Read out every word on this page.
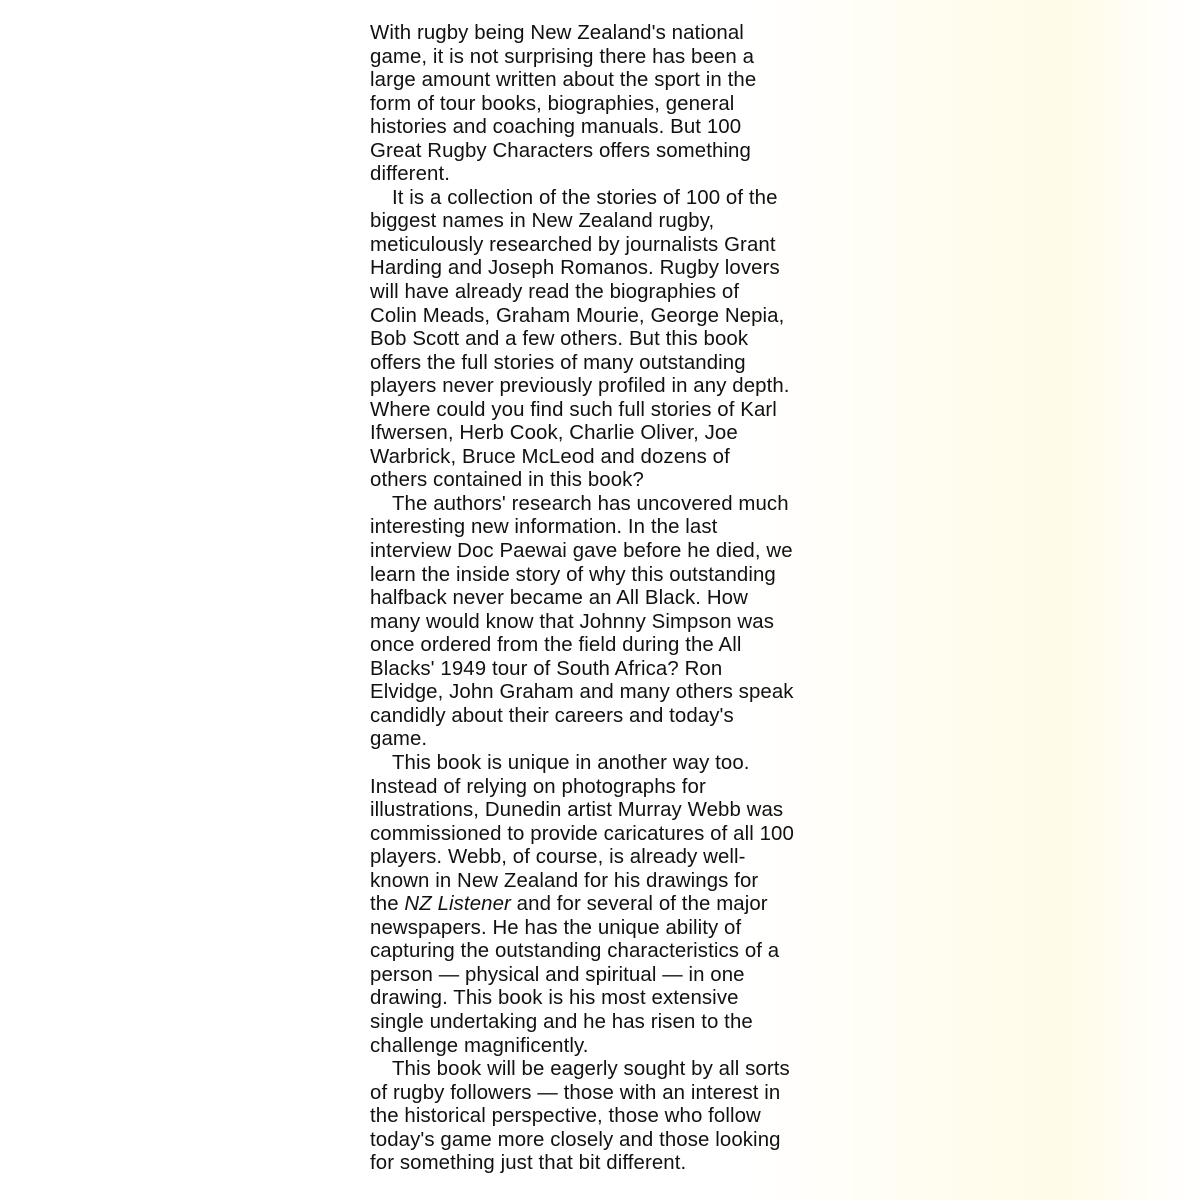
With rugby being New Zealand's national
game, it is not surprising there has been a
large amount written about the sport in the
form of tour books, biographies, general
histories and coaching manuals. But 100
Great Rugby Characters offers something
different.

It is a collection of the stories of 100 of the
biggest names in New Zealand rugby,
meticulously researched by journalists Grant
Harding and Joseph Romanos. Rugby lovers
will have already read the biographies of
Colin Meads, Graham Mourie, George Nepia,
Bob Scott and a few others. But this book
offers the full stories of many outstanding
players never previously profiled in any depth.
Where could you find such full stories of Karl
Ifwersen, Herb Cook, Charlie Oliver, Joe
Warbrick, Bruce McLeod and dozens of
others contained in this book?

The authors' research has uncovered much
interesting new information. In the last
interview Doc Paewai gave before he died, we
learn the inside story of why this outstanding
halfback never became an All Black. How
many would know that Johnny Simpson was
once ordered from the field during the All
Blacks' 1949 tour of South Africa? Ron
Elvidge, John Graham and many others speak
candidly about their careers and today's
game.

This book is unique in another way too.
Instead of relying on photographs for
illustrations, Dunedin artist Murray Webb was
commissioned to provide caricatures of all 100
players. Webb, of course, is already well-
known in New Zealand for his drawings for
the NZ Listener and for several of the major
newspapers. He has the unique ability of
capturing the outstanding characteristics of a
person — physical and spiritual — in one
drawing. This book is his most extensive
single undertaking and he has risen to the
challenge magnificently.

This book will be eagerly sought by all sorts
of rugby followers — those with an interest in
the historical perspective, those who follow
today's game more closely and those looking
for something just that bit different.
